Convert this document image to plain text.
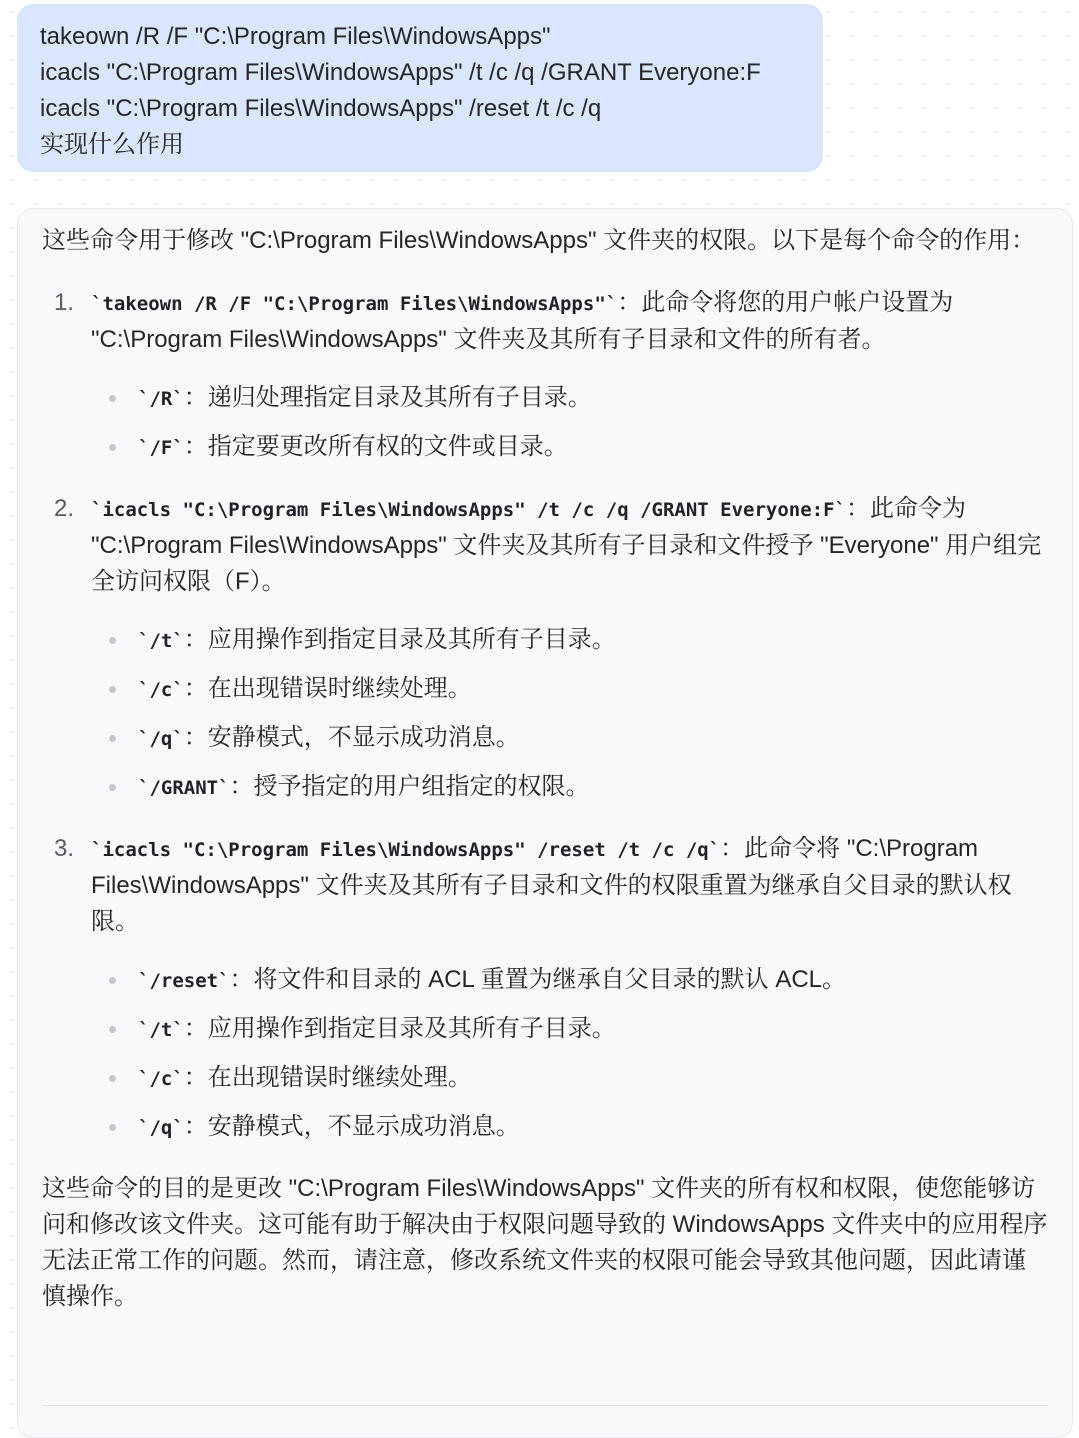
takeown /R /F "C:\Program Files\WindowsApps"
icacls "C:\Program Files\WindowsApps" /t /c /q /GRANT Everyone:F
icacls "C:\Program Files\WindowsApps" /reset /t /c /q
实现什么作用

这些命令用于修改 "C:\Program Files\WindowsApps" 文件夹的权限。以下是每个命令的作用：

1. `takeown /R /F "C:\Program Files\WindowsApps"`：此命令将您的用户帐户设置为 "C:\Program Files\WindowsApps" 文件夹及其所有子目录和文件的所有者。

`/R`：递归处理指定目录及其所有子目录。
`/F`：指定要更改所有权的文件或目录。
2. `icacls "C:\Program Files\WindowsApps" /t /c /q /GRANT Everyone:F`：此命令为 "C:\Program Files\WindowsApps" 文件夹及其所有子目录和文件授予 "Everyone" 用户组完全访问权限（F）。

`/t`：应用操作到指定目录及其所有子目录。
`/c`：在出现错误时继续处理。
`/q`：安静模式，不显示成功消息。
`/GRANT`：授予指定的用户组指定的权限。
3. `icacls "C:\Program Files\WindowsApps" /reset /t /c /q`：此命令将 "C:\Program Files\WindowsApps" 文件夹及其所有子目录和文件的权限重置为继承自父目录的默认权限。

`/reset`：将文件和目录的 ACL 重置为继承自父目录的默认 ACL。
`/t`：应用操作到指定目录及其所有子目录。
`/c`：在出现错误时继续处理。
`/q`：安静模式，不显示成功消息。

这些命令的目的是更改 "C:\Program Files\WindowsApps" 文件夹的所有权和权限，使您能够访问和修改该文件夹。这可能有助于解决由于权限问题导致的 WindowsApps 文件夹中的应用程序无法正常工作的问题。然而，请注意，修改系统文件夹的权限可能会导致其他问题，因此请谨慎操作。
